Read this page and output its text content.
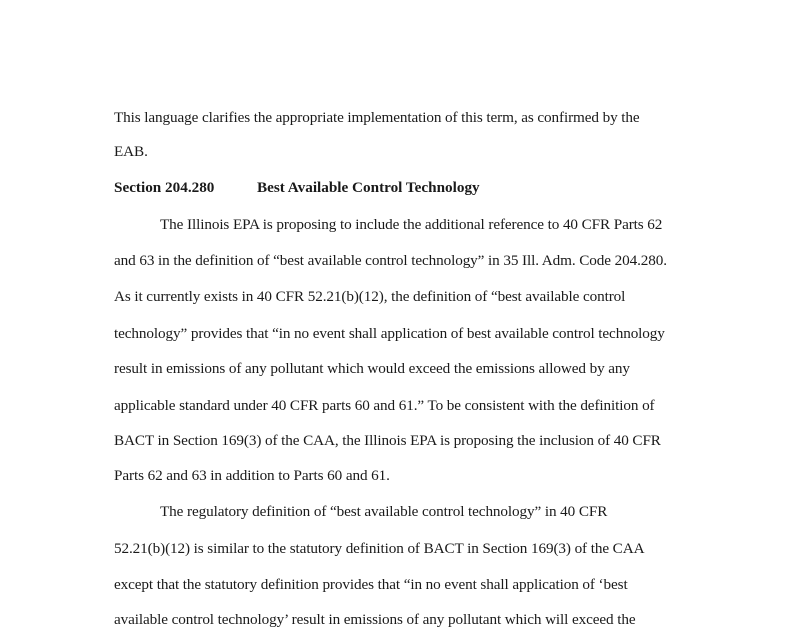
This language clarifies the appropriate implementation of this term, as confirmed by the
EAB.
Section 204.280	Best Available Control Technology
The Illinois EPA is proposing to include the additional reference to 40 CFR Parts 62
and 63 in the definition of “best available control technology” in 35 Ill. Adm. Code 204.280.
As it currently exists in 40 CFR 52.21(b)(12), the definition of “best available control
technology” provides that “in no event shall application of best available control technology
result in emissions of any pollutant which would exceed the emissions allowed by any
applicable standard under 40 CFR parts 60 and 61.” To be consistent with the definition of
BACT in Section 169(3) of the CAA, the Illinois EPA is proposing the inclusion of 40 CFR
Parts 62 and 63 in addition to Parts 60 and 61.
The regulatory definition of “best available control technology” in 40 CFR
52.21(b)(12) is similar to the statutory definition of BACT in Section 169(3) of the CAA
except that the statutory definition provides that “in no event shall application of ‘best
available control technology’ result in emissions of any pollutant which will exceed the
